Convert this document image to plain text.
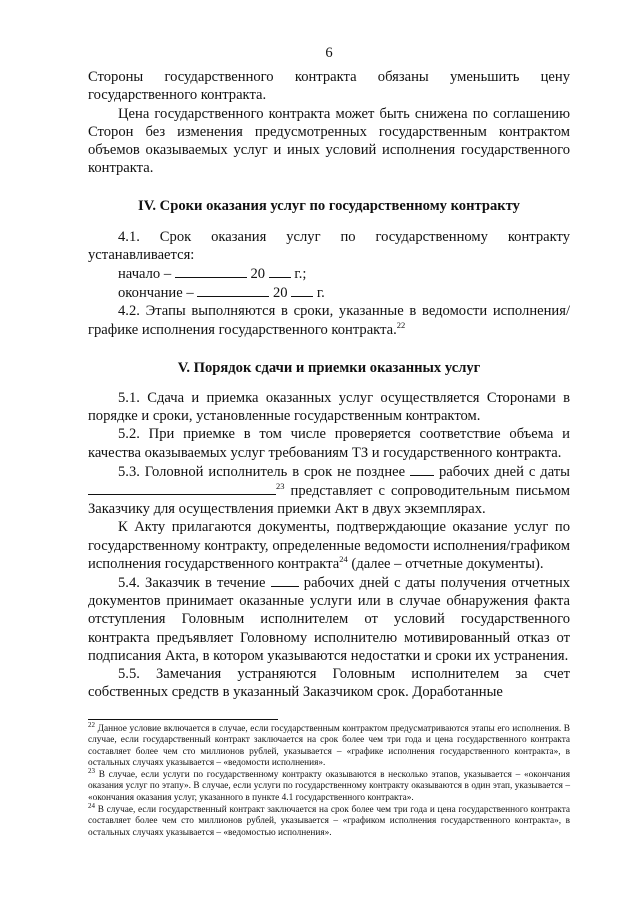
6

Стороны государственного контракта обязаны уменьшить цену государственного контракта.

Цена государственного контракта может быть снижена по соглашению Сторон без изменения предусмотренных государственным контрактом объемов оказываемых услуг и иных условий исполнения государственного контракта.

IV. Сроки оказания услуг по государственному контракту

4.1. Срок оказания услуг по государственному контракту устанавливается:

начало –	20 г.;
окончание –	20 г.

4.2. Этапы выполняются в сроки, указанные в ведомости исполнения/графике исполнения государственного контракта.$^{22}$

V. Порядок сдачи и приемки оказанных услуг

5.1. Сдача и приемка оказанных услуг осуществляется Сторонами в порядке и сроки, установленные государственным контрактом.

5.2. При приемке в том числе проверяется соответствие объема и качества оказываемых услуг требованиям ТЗ и государственного контракта.

5.3. Головной исполнитель в срок не позднее рабочих дней с даты $^{23}$ представляет с сопроводительным письмом Заказчику для осуществления приемки Акт в двух экземплярах.

К Акту прилагаются документы, подтверждающие оказание услуг по государственному контракту, определенные ведомости исполнения/графиком исполнения государственного контракта$^{24}$ (далее – отчетные документы).

5.4. Заказчик в течение	рабочих дней с даты получения отчетных документов принимает оказанные услуги или в случае обнаружения факта отступления Головным исполнителем от условий государственного контракта предъявляет Головному исполнителю мотивированный отказ от подписания Акта, в котором указываются недостатки и сроки их устранения.

5.5. Замечания устраняются Головным исполнителем за счет собственных средств в указанный Заказчиком срок. Доработанные

$^{22}$ Данное условие включается в случае, если государственным контрактом предусматриваются этапы его исполнения. В случае, если государственный контракт заключается на срок более чем три года и цена государственного контракта составляет более чем сто миллионов рублей, указывается – «графике исполнения государственного контракта», в остальных случаях указывается – «ведомости исполнения».

$^{23}$ В случае, если услуги по государственному контракту оказываются в несколько этапов, указывается – «окончания оказания услуг по этапу». В случае, если услуги по государственному контракту оказываются в один этап, указывается – «окончания оказания услуг, указанного в пункте 4.1 государственного контракта».

$^{24}$ В случае, если государственный контракт заключается на срок более чем три года и цена государственного контракта составляет более чем сто миллионов рублей, указывается – «графиком исполнения государственного контракта», в остальных случаях указывается – «ведомостью исполнения».
